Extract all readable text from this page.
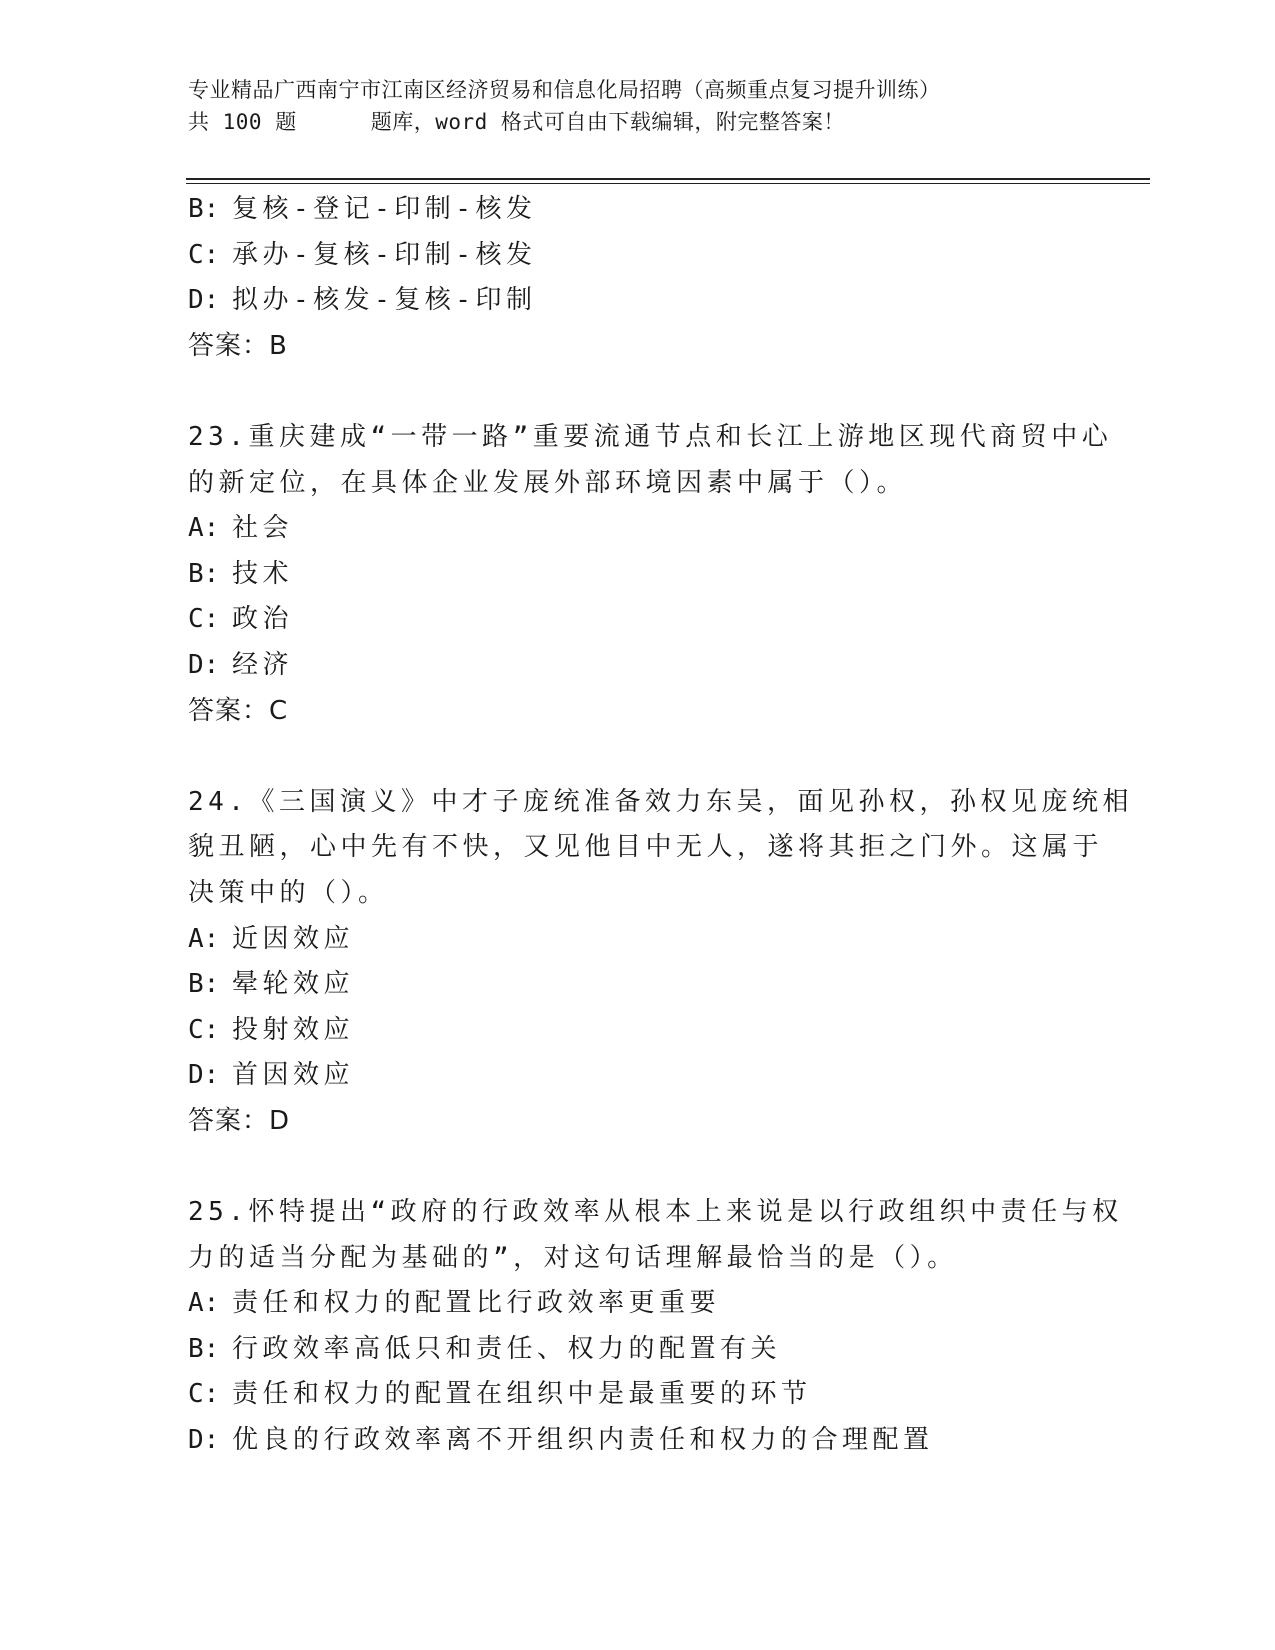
专业精品广西南宁市江南区经济贸易和信息化局招聘（高频重点复习提升训练）
共 100 题	题库，word 格式可自由下载编辑，附完整答案！
B: 复核-登记-印制-核发
C: 承办-复核-印制-核发
D: 拟办-核发-复核-印制
答案：B
23.重庆建成“一带一路”重要流通节点和长江上游地区现代商贸中心
的新定位，在具体企业发展外部环境因素中属于（）。
A: 社会
B: 技术
C: 政治
D: 经济
答案：C
24.《三国演义》中才子庞统准备效力东吴，面见孙权，孙权见庞统相
貌丑陋，心中先有不快，又见他目中无人，遂将其拒之门外。这属于
决策中的（）。
A: 近因效应
B: 晕轮效应
C: 投射效应
D: 首因效应
答案：D
25.怀特提出“政府的行政效率从根本上来说是以行政组织中责任与权
力的适当分配为基础的”，对这句话理解最恰当的是（）。
A: 责任和权力的配置比行政效率更重要
B: 行政效率高低只和责任、权力的配置有关
C: 责任和权力的配置在组织中是最重要的环节
D: 优良的行政效率离不开组织内责任和权力的合理配置
